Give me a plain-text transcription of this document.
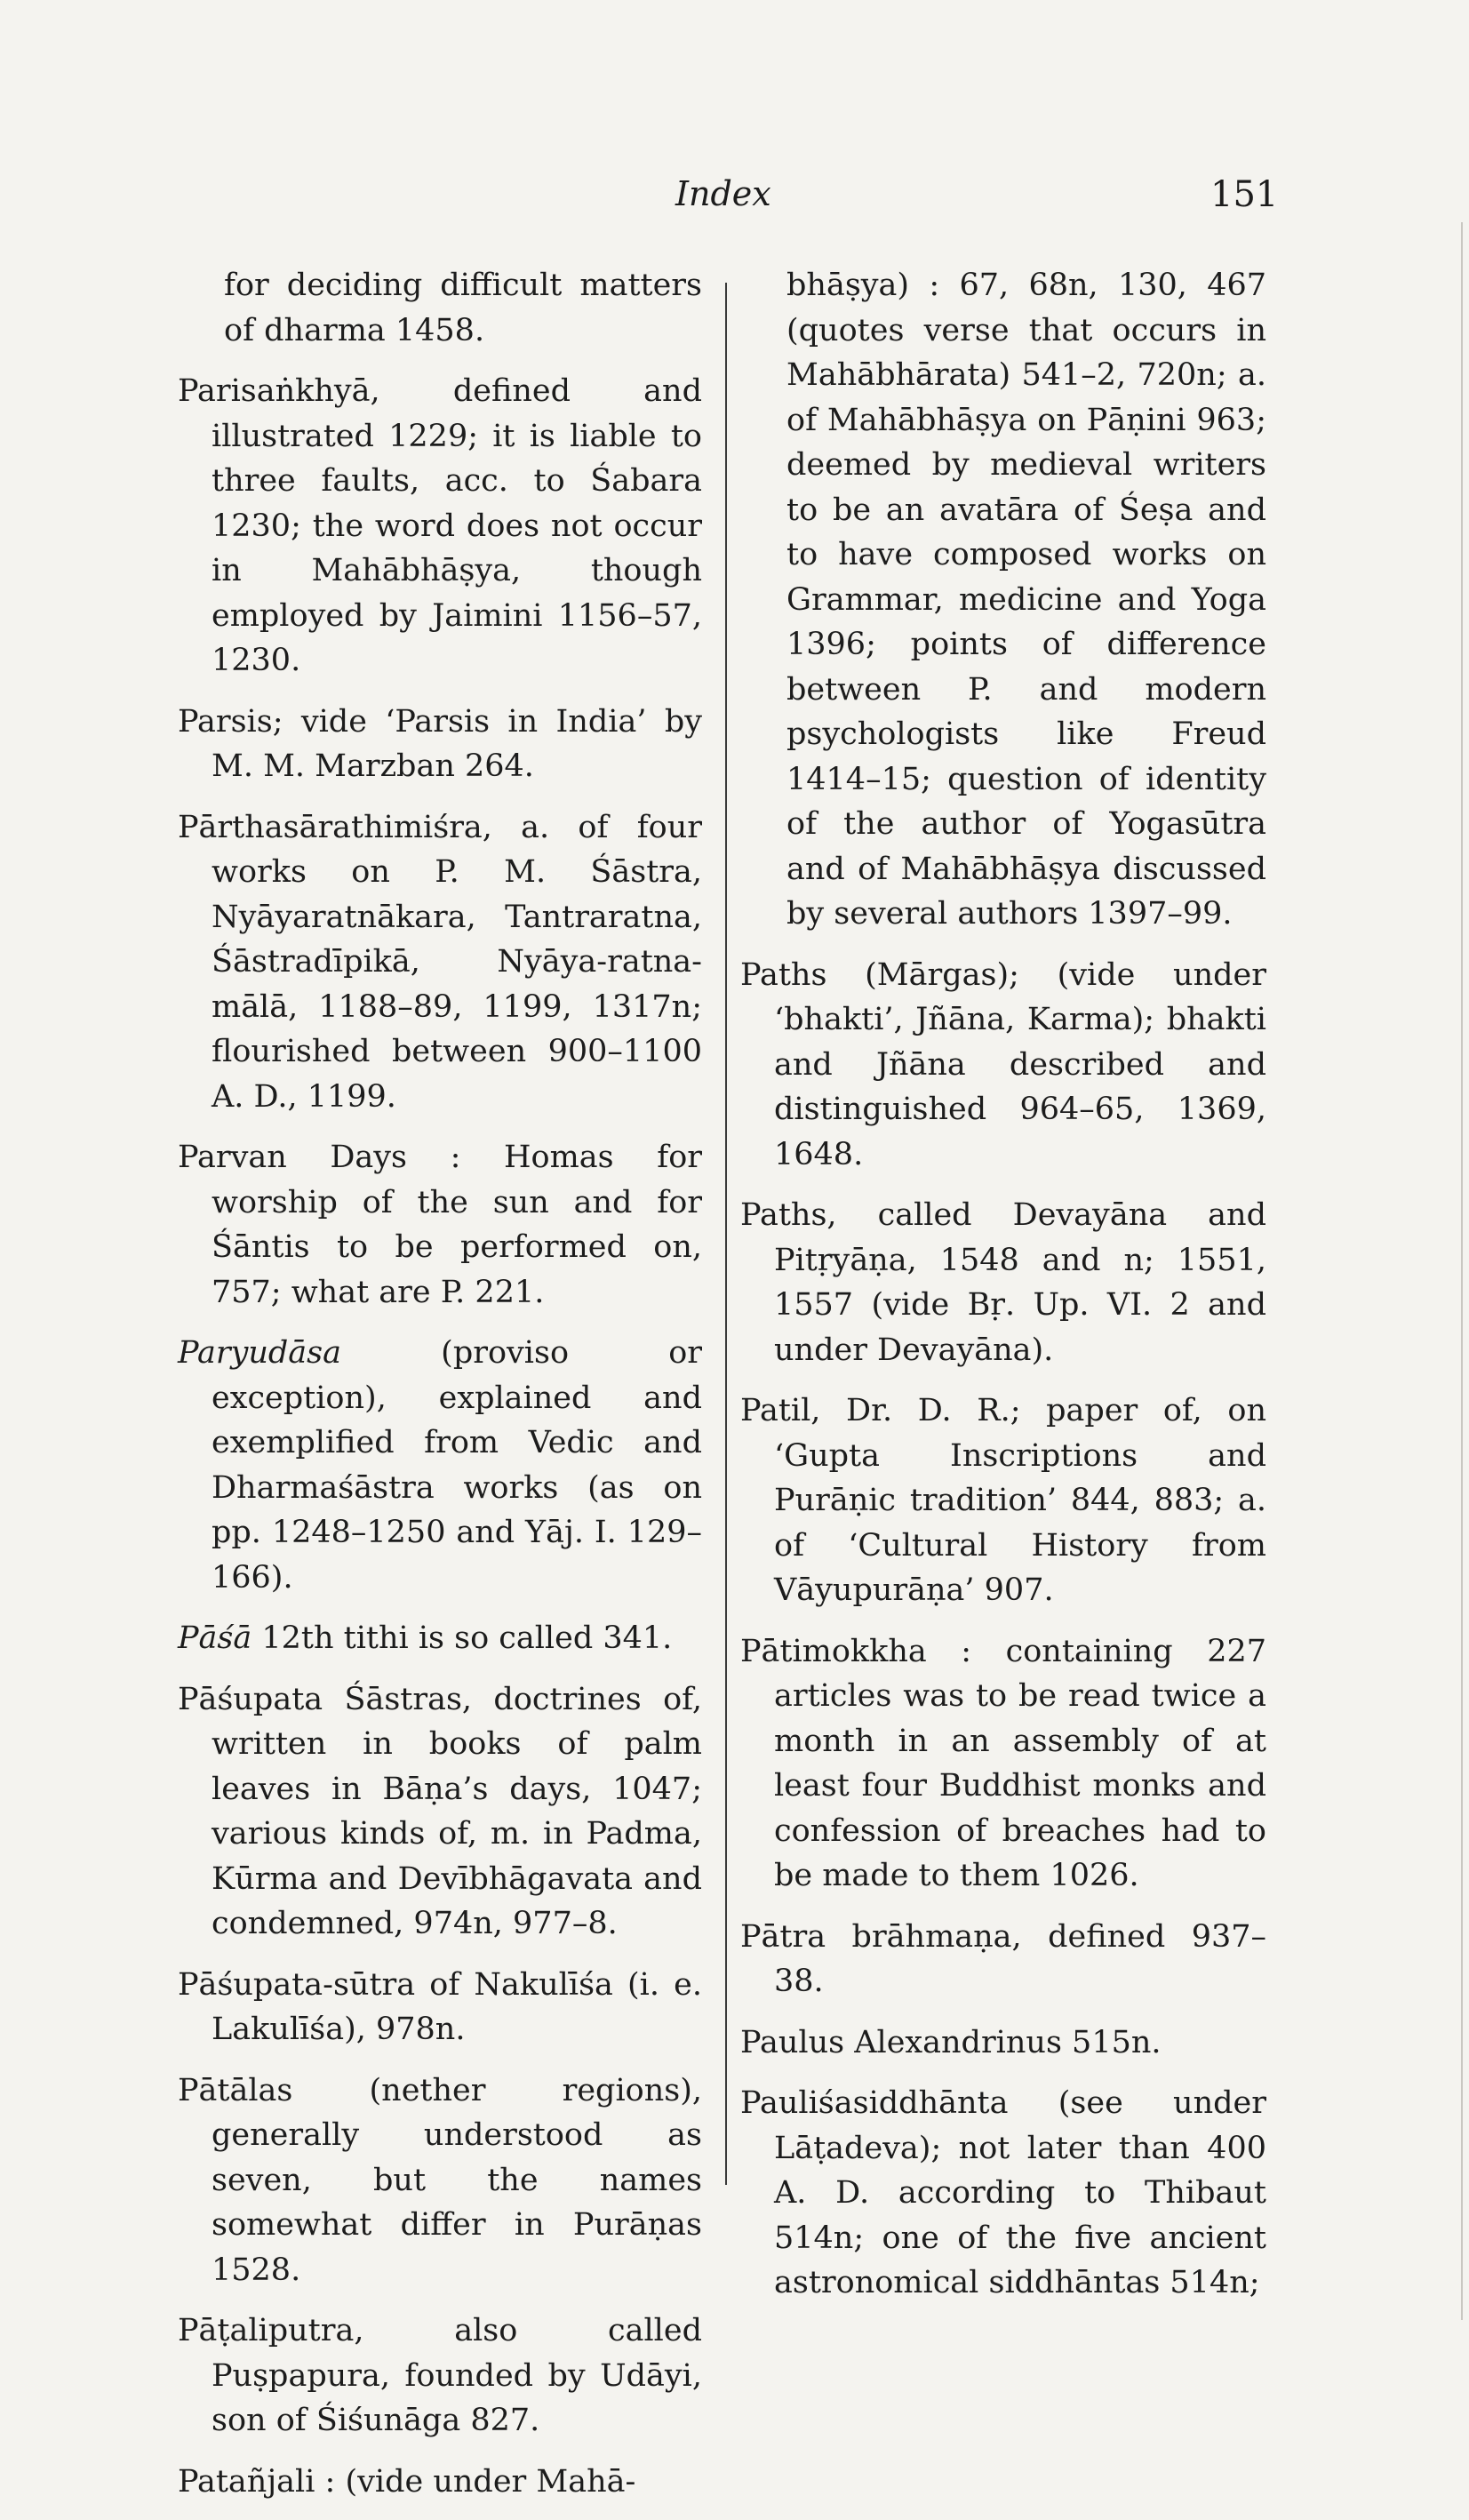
Index	151

for deciding difficult matters of dharma 1458.

Parisaṅkhyā, defined and illustrated 1229; it is liable to three faults, acc. to Śabara 1230; the word does not occur in Mahābhāṣya, though employed by Jaimini 1156–57, 1230.

Parsis; vide ‘Parsis in India’ by M. M. Marzban 264.

Pārthasārathimiśra, a. of four works on P. M. Śāstra, Nyāyaratnākara, Tantraratna, Śāstradīpikā, Nyāya-ratna-mālā, 1188–89, 1199, 1317n; flourished between 900–1100 A. D., 1199.

Parvan Days : Homas for worship of the sun and for Śāntis to be performed on, 757; what are P. 221.

Paryudāsa (proviso or exception), explained and exemplified from Vedic and Dharmaśāstra works (as on pp. 1248–1250 and Yāj. I. 129–166).

Pāśā 12th tithi is so called 341.

Pāśupata Śāstras, doctrines of, written in books of palm leaves in Bāṇa’s days, 1047; various kinds of, m. in Padma, Kūrma and Devībhāgavata and condemned, 974n, 977–8.

Pāśupata-sūtra of Nakulīśa (i. e. Lakulīśa), 978n.

Pātālas (nether regions), generally understood as seven, but the names somewhat differ in Purāṇas 1528.

Pāṭaliputra, also called Puṣpapura, founded by Udāyi, son of Śiśunāga 827.

Patañjali : (vide under Mahā-

bhāṣya) : 67, 68n, 130, 467 (quotes verse that occurs in Mahābhārata) 541–2, 720n; a. of Mahābhāṣya on Pāṇini 963; deemed by medieval writers to be an avatāra of Śeṣa and to have composed works on Grammar, medicine and Yoga 1396; points of difference between P. and modern psychologists like Freud 1414–15; question of identity of the author of Yogasūtra and of Mahābhāṣya discussed by several authors 1397–99.

Paths (Mārgas); (vide under ‘bhakti’, Jñāna, Karma); bhakti and Jñāna described and distinguished 964–65, 1369, 1648.

Paths, called Devayāna and Pitṛyāṇa, 1548 and n; 1551, 1557 (vide Bṛ. Up. VI. 2 and under Devayāna).

Patil, Dr. D. R.; paper of, on ‘Gupta Inscriptions and Purāṇic tradition’ 844, 883; a. of ‘Cultural History from Vāyupurāṇa’ 907.

Pātimokkha : containing 227 articles was to be read twice a month in an assembly of at least four Buddhist monks and confession of breaches had to be made to them 1026.

Pātra brāhmaṇa, defined 937–38.

Paulus Alexandrinus 515n.

Pauliśasiddhānta (see under Lāṭadeva); not later than 400 A. D. according to Thibaut 514n; one of the five ancient astronomical siddhāntas 514n;
